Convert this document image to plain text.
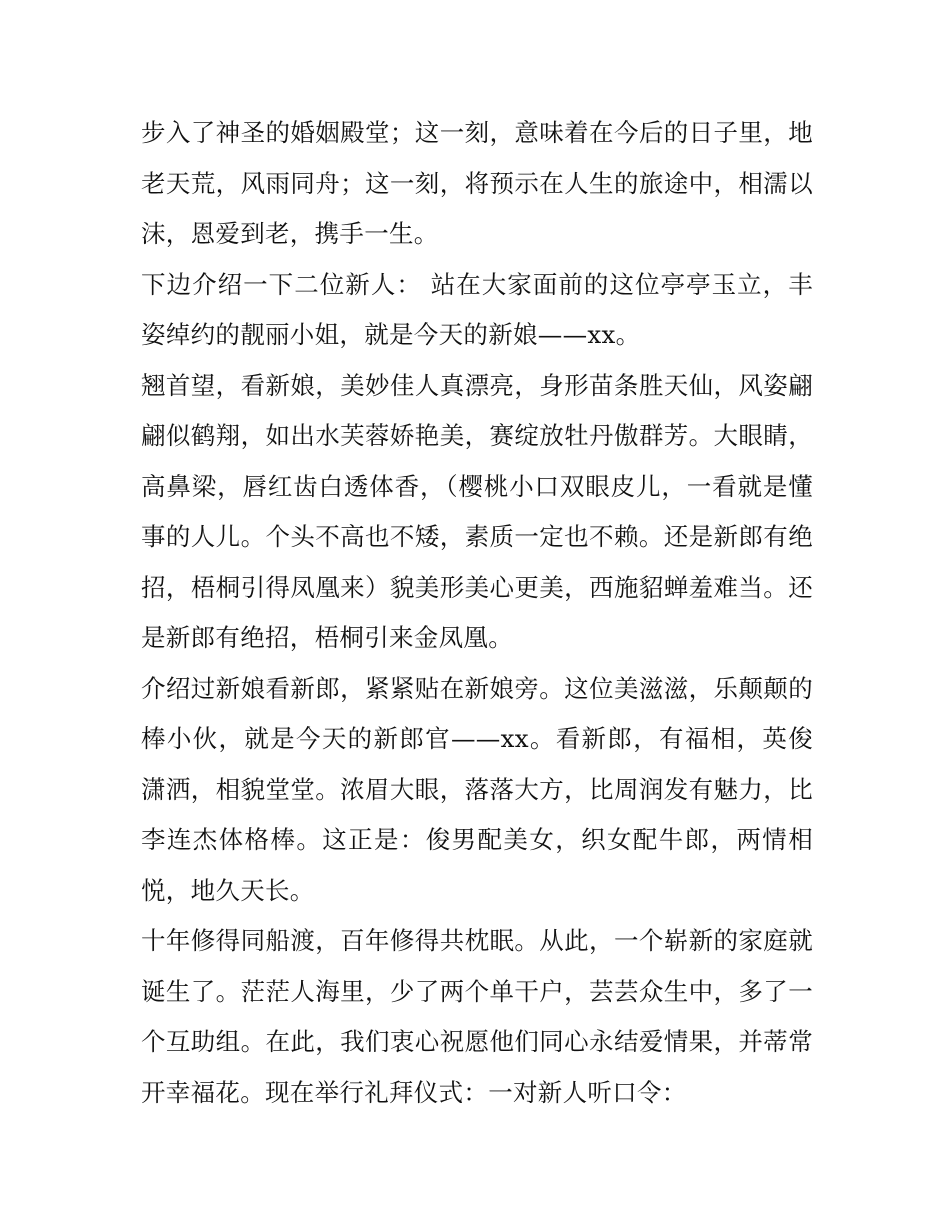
步入了神圣的婚姻殿堂；这一刻，意味着在今后的日子里，地老天荒，风雨同舟；这一刻，将预示在人生的旅途中，相濡以沫，恩爱到老，携手一生。

下边介绍一下二位新人： 站在大家面前的这位亭亭玉立，丰姿绰约的靓丽小姐，就是今天的新娘——xx。

翘首望，看新娘，美妙佳人真漂亮，身形苗条胜天仙，风姿翩翩似鹤翔，如出水芙蓉娇艳美，赛绽放牡丹傲群芳。大眼睛，高鼻梁，唇红齿白透体香，（樱桃小口双眼皮儿，一看就是懂事的人儿。个头不高也不矮，素质一定也不赖。还是新郎有绝招，梧桐引得凤凰来）貌美形美心更美，西施貂蝉羞难当。还是新郎有绝招，梧桐引来金凤凰。

介绍过新娘看新郎，紧紧贴在新娘旁。这位美滋滋，乐颠颠的棒小伙，就是今天的新郎官——xx。看新郎，有福相，英俊潇洒，相貌堂堂。浓眉大眼，落落大方，比周润发有魅力，比李连杰体格棒。这正是：俊男配美女，织女配牛郎，两情相悦，地久天长。

十年修得同船渡，百年修得共枕眠。从此，一个崭新的家庭就诞生了。茫茫人海里，少了两个单干户，芸芸众生中，多了一个互助组。在此，我们衷心祝愿他们同心永结爱情果，并蒂常开幸福花。现在举行礼拜仪式：一对新人听口令：
